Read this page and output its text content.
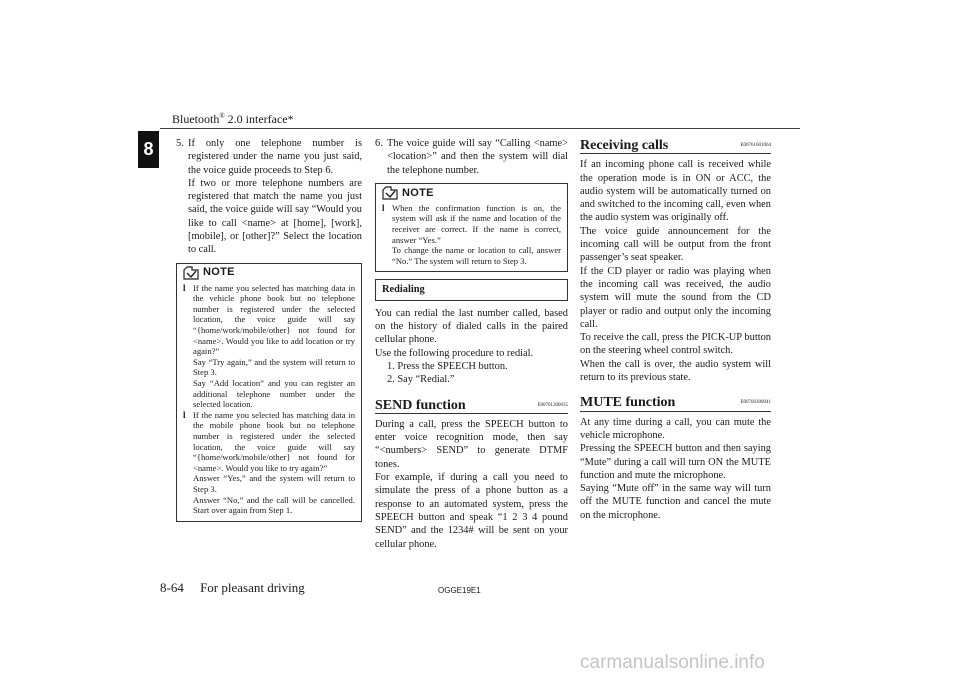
Bluetooth® 2.0 interface*
8	5. If only one telephone number is registered under the name you just said, the voice guide proceeds to Step 6.

If two or more telephone numbers are registered that match the name you just said, the voice guide will say “Would you like to call <name> at [home], [work], [mobile], or [other]?” Select the location to call.

NOTE
l If the name you selected has matching data in the vehicle phone book but no telephone number is registered under the selected location, the voice guide will say “{home/work/mobile/other} not found for <name>. Would you like to add location or try again?”

Say “Try again,” and the system will return to Step 3.

Say “Add location” and you can register an additional telephone number under the selected location.

l If the name you selected has matching data in the mobile phone book but no telephone number is registered under the selected location, the voice guide will say “{home/work/mobile/other} not found for <name>. Would you like to try again?”

Answer “Yes,” and the system will return to Step 3.

Answer “No,” and the call will be cancelled. Start over again from Step 1.

6. The voice guide will say “Calling <name> <location>” and then the system will dial the telephone number.

NOTE
l When the confirmation function is on, the system will ask if the name and location of the receiver are correct. If the name is correct, answer “Yes.”

To change the name or location to call, answer “No.” The system will return to Step 3.

Redialing

You can redial the last number called, based on the history of dialed calls in the paired cellular phone.

Use the following procedure to redial.

1. Press the SPEECH button.

2. Say “Redial.”

SEND function	E00761300035

During a call, press the SPEECH button to enter voice recognition mode, then say “<numbers> SEND” to generate DTMF tones.

For example, if during a call you need to simulate the press of a phone button as a response to an automated system, press the SPEECH button and speak “1 2 3 4 pound SEND” and the 1234# will be sent on your cellular phone.

Receiving calls	E00761601064

If an incoming phone call is received while the operation mode is in ON or ACC, the audio system will be automatically turned on and switched to the incoming call, even when the audio system was originally off.

The voice guide announcement for the incoming call will be output from the front passenger’s seat speaker.

If the CD player or radio was playing when the incoming call was received, the audio system will mute the sound from the CD player or radio and output only the incoming call.

To receive the call, press the PICK-UP button on the steering wheel control switch.

When the call is over, the audio system will return to its previous state.

MUTE function	E00760300041

At any time during a call, you can mute the vehicle microphone.

Pressing the SPEECH button and then saying “Mute” during a call will turn ON the MUTE function and mute the microphone.

Saying “Mute off” in the same way will turn off the MUTE function and cancel the mute on the microphone.

8-64     For pleasant driving	OGGE19E1
carmanualsonline.info
